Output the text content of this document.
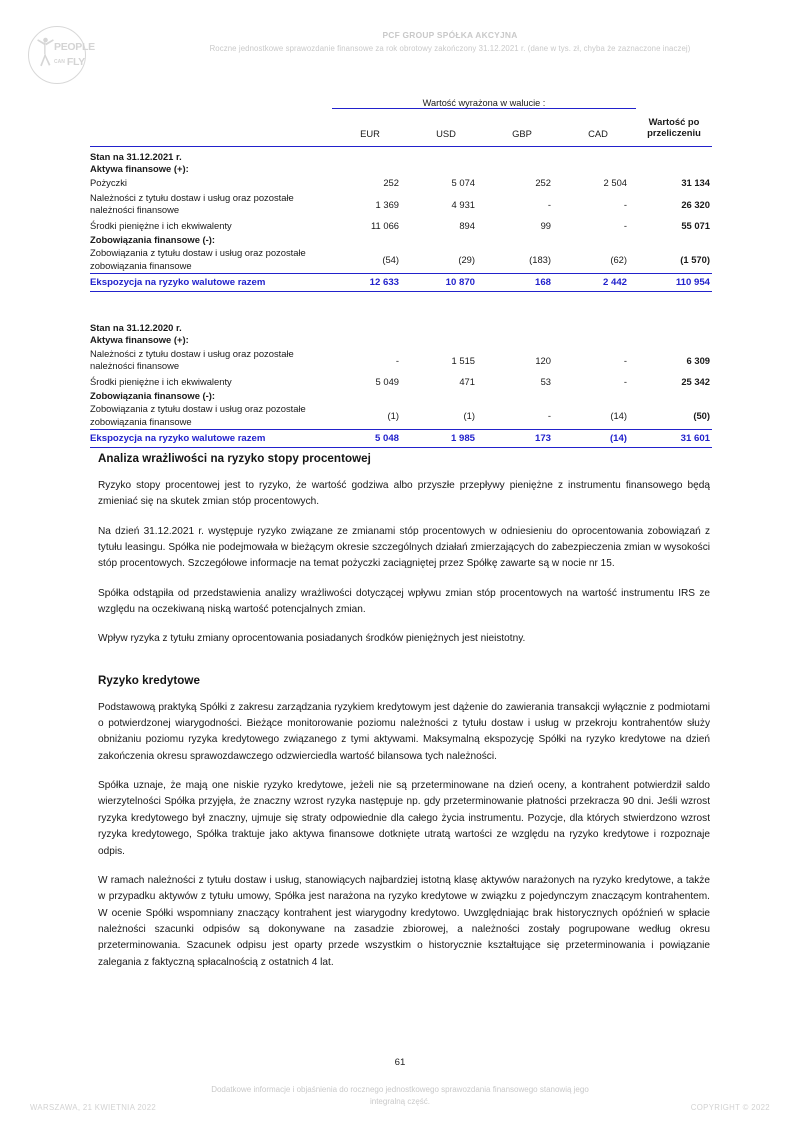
PEOPLE
CAN FLY
PCF GROUP SPÓŁKA AKCYJNA
Roczne jednostkowe sprawozdanie finansowe za rok obrotowy zakończony 31.12.2021 r. (dane w tys. zł, chyba że zaznaczone inaczej)
	Wartość wyrażona w walucie :				
	EUR	USD	GBP	CAD	Wartość po przeliczeniu

Stan na 31.12.2021 r.					
Aktywa finansowe (+):					
Pożyczki	252	5 074	252	2 504	31 134
Należności z tytułu dostaw i usług oraz pozostałe należności finansowe	1 369	4 931	-	-	26 320
Środki pieniężne i ich ekwiwalenty	11 066	894	99	-	55 071
Zobowiązania finansowe (-):					
Zobowiązania z tytułu dostaw i usług oraz pozostałe zobowiązania finansowe	(54)	(29)	(183)	(62)	(1 570)
Ekspozycja na ryzyko walutowe razem	12 633	10 870	168	2 442	110 954

Stan na 31.12.2020 r.					
Aktywa finansowe (+):					
Należności z tytułu dostaw i usług oraz pozostałe należności finansowe	-	1 515	120	-	6 309
Środki pieniężne i ich ekwiwalenty	5 049	471	53	-	25 342
Zobowiązania finansowe (-):					
Zobowiązania z tytułu dostaw i usług oraz pozostałe zobowiązania finansowe	(1)	(1)	-	(14)	(50)
Ekspozycja na ryzyko walutowe razem	5 048	1 985	173	(14)	31 601
Analiza wrażliwości na ryzyko stopy procentowej

Ryzyko stopy procentowej jest to ryzyko, że wartość godziwa albo przyszłe przepływy pieniężne z instrumentu finansowego będą zmieniać się na skutek zmian stóp procentowych.

Na dzień 31.12.2021 r. występuje ryzyko związane ze zmianami stóp procentowych w odniesieniu do oprocentowania zobowiązań z tytułu leasingu. Spółka nie podejmowała w bieżącym okresie szczególnych działań zmierzających do zabezpieczenia zmian w wysokości stóp procentowych. Szczegółowe informacje na temat pożyczki zaciągniętej przez Spółkę zawarte są w nocie nr 15.

Spółka odstąpiła od przedstawienia analizy wrażliwości dotyczącej wpływu zmian stóp procentowych na wartość instrumentu IRS ze względu na oczekiwaną niską wartość potencjalnych zmian.

Wpływ ryzyka z tytułu zmiany oprocentowania posiadanych środków pieniężnych jest nieistotny.

Ryzyko kredytowe

Podstawową praktyką Spółki z zakresu zarządzania ryzykiem kredytowym jest dążenie do zawierania transakcji wyłącznie z podmiotami o potwierdzonej wiarygodności. Bieżące monitorowanie poziomu należności z tytułu dostaw i usług w przekroju kontrahentów służy obniżaniu poziomu ryzyka kredytowego związanego z tymi aktywami. Maksymalną ekspozycję Spółki na ryzyko kredytowe na dzień zakończenia okresu sprawozdawczego odzwierciedla wartość bilansowa tych należności.

Spółka uznaje, że mają one niskie ryzyko kredytowe, jeżeli nie są przeterminowane na dzień oceny, a kontrahent potwierdził saldo wierzytelności Spółka przyjęła, że znaczny wzrost ryzyka następuje np. gdy przeterminowanie płatności przekracza 90 dni. Jeśli wzrost ryzyka kredytowego był znaczny, ujmuje się straty odpowiednie dla całego życia instrumentu. Pozycje, dla których stwierdzono wzrost ryzyka kredytowego, Spółka traktuje jako aktywa finansowe dotknięte utratą wartości ze względu na ryzyko kredytowe i rozpoznaje odpis.

W ramach należności z tytułu dostaw i usług, stanowiących najbardziej istotną klasę aktywów narażonych na ryzyko kredytowe, a także w przypadku aktywów z tytułu umowy, Spółka jest narażona na ryzyko kredytowe w związku z pojedynczym znaczącym kontrahentem. W ocenie Spółki wspomniany znaczący kontrahent jest wiarygodny kredytowo. Uwzględniając brak historycznych opóźnień w spłacie należności szacunki odpisów są dokonywane na zasadzie zbiorowej, a należności zostały pogrupowane według okresu przeterminowania. Szacunek odpisu jest oparty przede wszystkim o historycznie kształtujące się przeterminowania i powiązanie zalegania z faktyczną spłacalnością z ostatnich 4 lat.

61
Dodatkowe informacje i objaśnienia do rocznego jednostkowego sprawozdania finansowego stanowią jego integralną część.
WARSZAWA, 21 KWIETNIA 2022	COPYRIGHT © 2022
